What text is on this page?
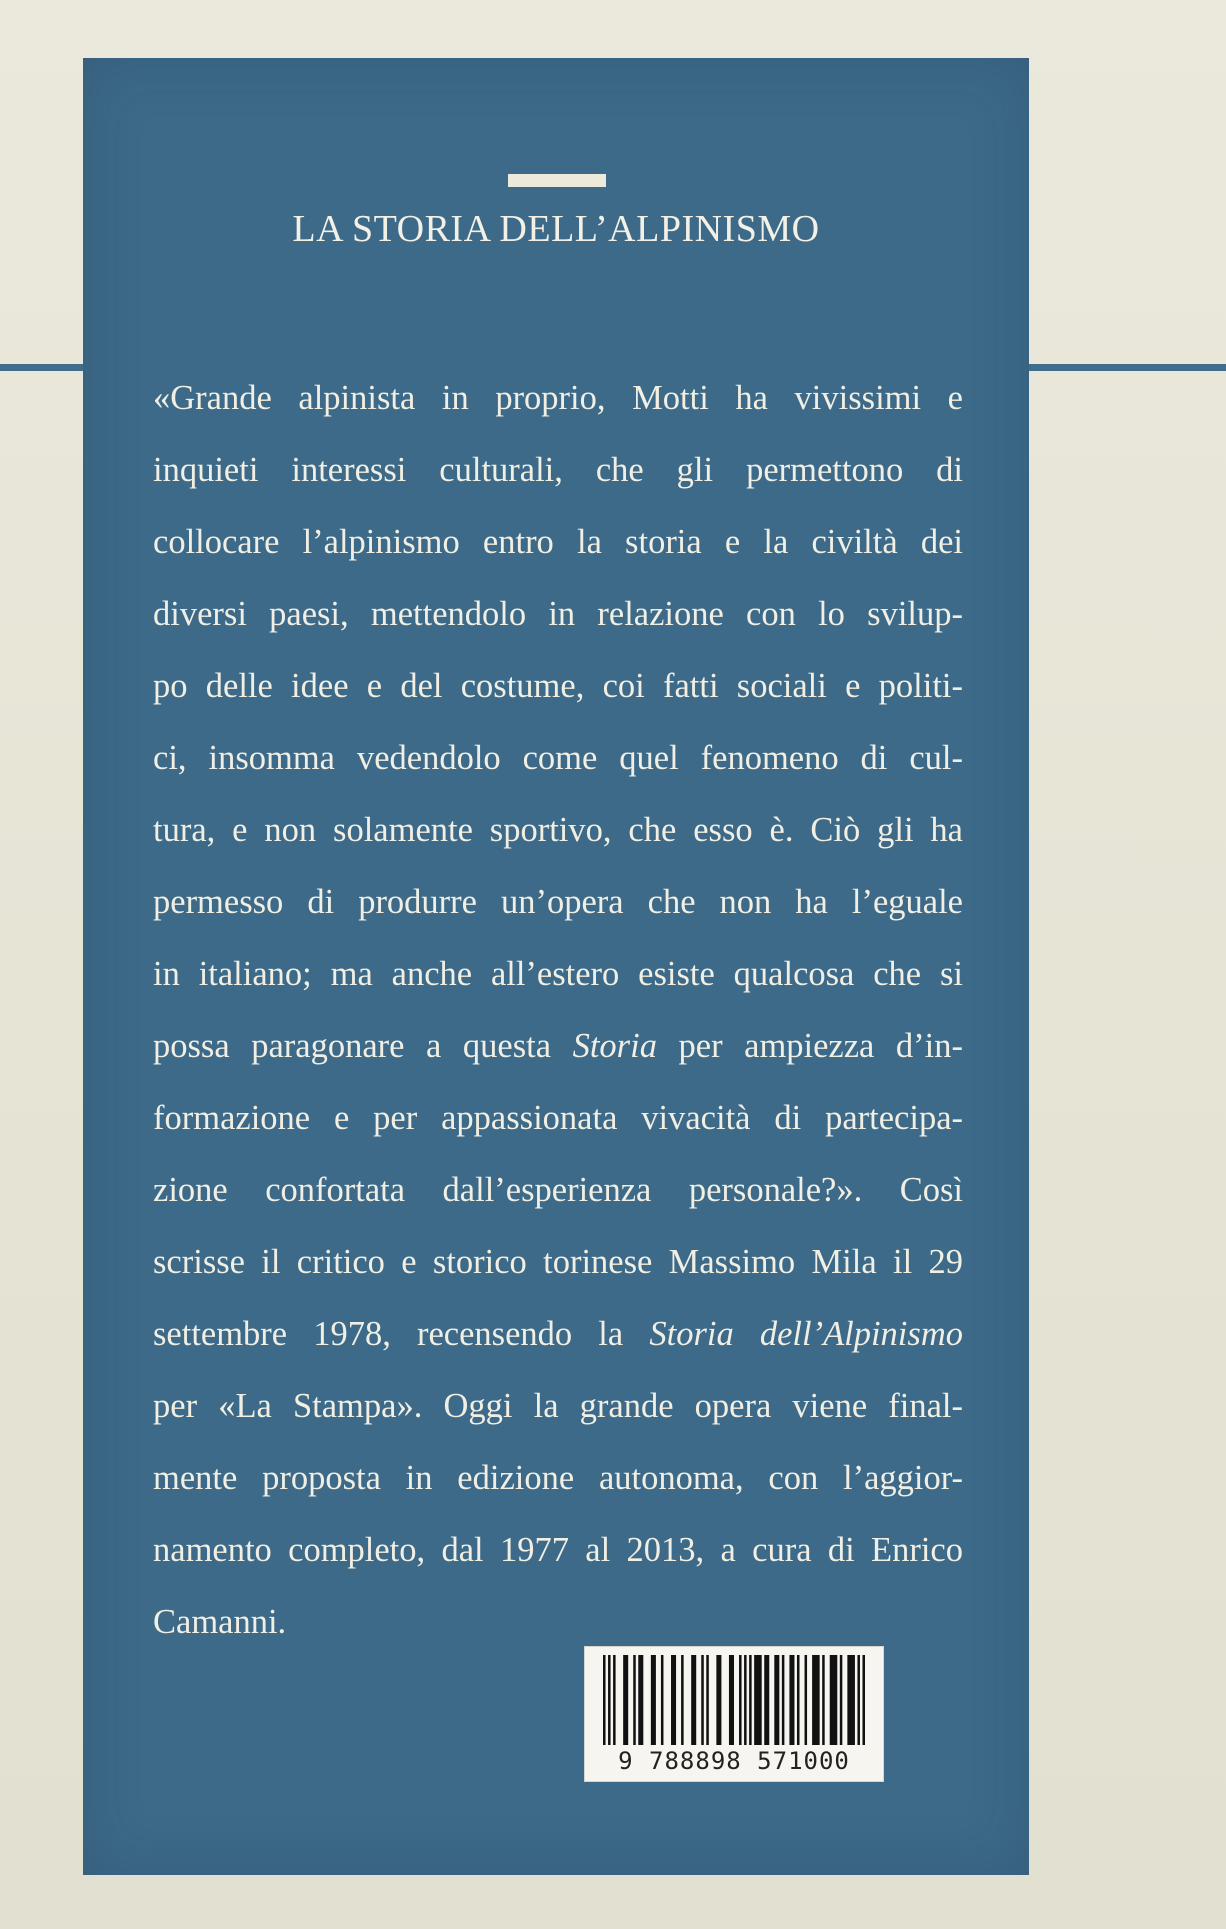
LA STORIA DELL’ALPINISMO
«Grande alpinista in proprio, Motti ha vivissimi e
inquieti interessi culturali, che gli permettono di
collocare l’alpinismo entro la storia e la civiltà dei
diversi paesi, mettendolo in relazione con lo svilup-
po delle idee e del costume, coi fatti sociali e politi-
ci, insomma vedendolo come quel fenomeno di cul-
tura, e non solamente sportivo, che esso è. Ciò gli ha
permesso di produrre un’opera che non ha l’eguale
in italiano; ma anche all’estero esiste qualcosa che si
possa paragonare a questa Storia per ampiezza d’in-
formazione e per appassionata vivacità di partecipa-
zione confortata dall’esperienza personale?». Così
scrisse il critico e storico torinese Massimo Mila il 29
settembre 1978, recensendo la Storia dell’Alpinismo
per «La Stampa». Oggi la grande opera viene final-
mente proposta in edizione autonoma, con l’aggior-
namento completo, dal 1977 al 2013, a cura di Enrico
Camanni.
9 788898 571000
